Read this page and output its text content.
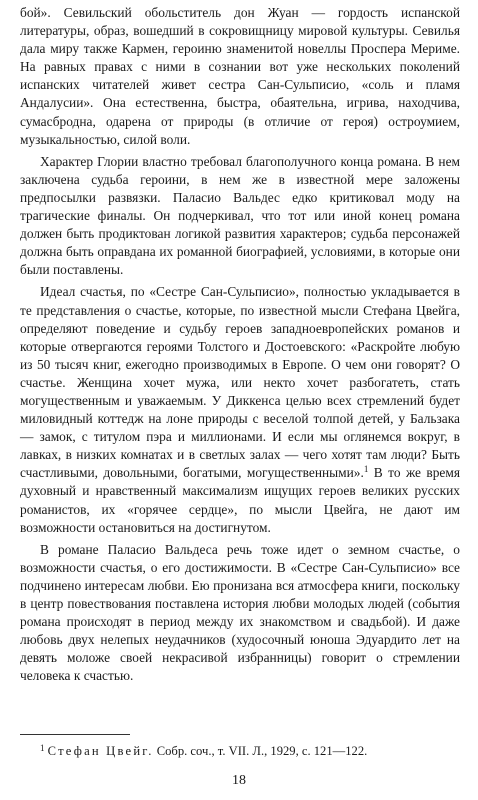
бой». Севильский обольститель дон Жуан — гордость испанской литературы, образ, вошедший в сокровищницу мировой культуры. Севилья дала миру также Кармен, героиню знаменитой новеллы Проспера Мериме. На равных правах с ними в сознании вот уже нескольких поколений испанских читателей живет сестра Сан-Сульписио, «соль и пламя Андалусии». Она естественна, быстра, обаятельна, игрива, находчива, сумасбродна, одарена от природы (в отличие от героя) остроумием, музыкальностью, силой воли.

Характер Глории властно требовал благополучного конца романа. В нем заключена судьба героини, в нем же в известной мере заложены предпосылки развязки. Паласио Вальдес едко критиковал моду на трагические финалы. Он подчеркивал, что тот или иной конец романа должен быть продиктован логикой развития характеров; судьба персонажей должна быть оправдана их романной биографией, условиями, в которые они были поставлены.

Идеал счастья, по «Сестре Сан-Сульписио», полностью укладывается в те представления о счастье, которые, по известной мысли Стефана Цвейга, определяют поведение и судьбу героев западноевропейских романов и которые отвергаются героями Толстого и Достоевского: «Раскройте любую из 50 тысяч книг, ежегодно производимых в Европе. О чем они говорят? О счастье. Женщина хочет мужа, или некто хочет разбогатеть, стать могущественным и уважаемым. У Диккенса целью всех стремлений будет миловидный коттедж на лоне природы с веселой толпой детей, у Бальзака — замок, с титулом пэра и миллионами. И если мы оглянемся вокруг, в лавках, в низких комнатах и в светлых залах — чего хотят там люди? Быть счастливыми, довольными, богатыми, могущественными».$^1$ В то же время духовный и нравственный максимализм ищущих героев великих русских романистов, их «горячее сердце», по мысли Цвейга, не дают им возможности остановиться на достигнутом.

В романе Паласио Вальдеса речь тоже идет о земном счастье, о возможности счастья, о его достижимости. В «Сестре Сан-Сульписио» все подчинено интересам любви. Ею пронизана вся атмосфера книги, поскольку в центр повествования поставлена история любви молодых людей (события романа происходят в период между их знакомством и свадьбой). И даже любовь двух нелепых неудачников (худосочный юноша Эдуардито лет на девять моложе своей некрасивой избранницы) говорит о стремлении человека к счастью.

$^1$ Стефан Цвейг. Собр. соч., т. VII. Л., 1929, с. 121—122.
18
